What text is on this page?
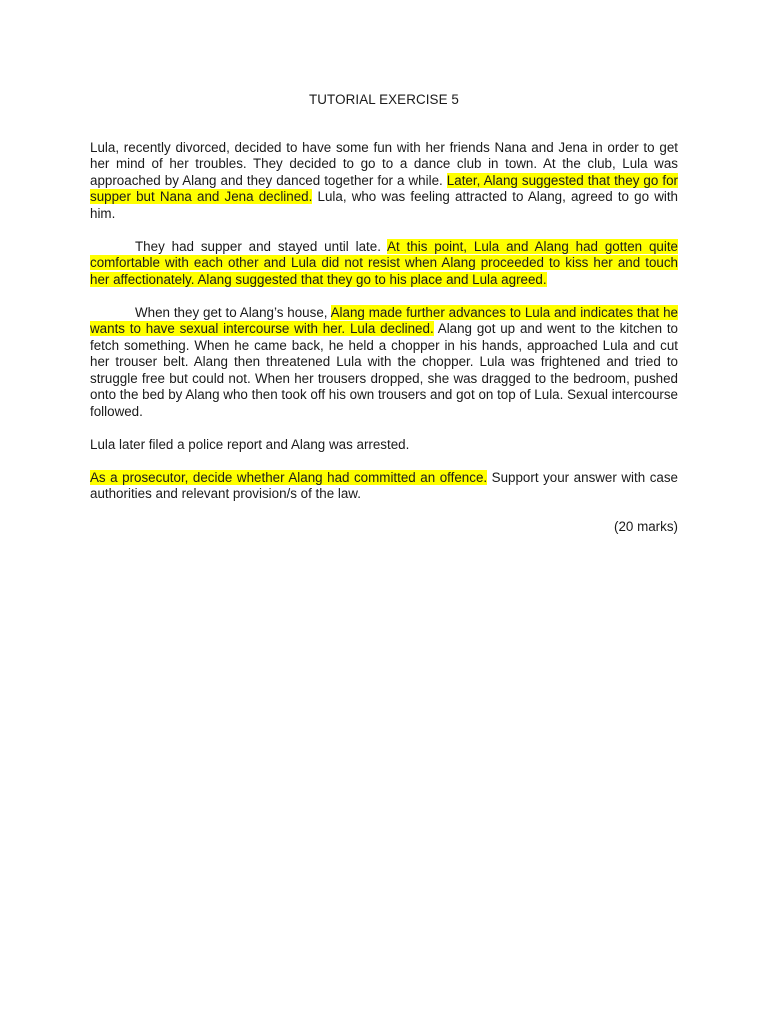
TUTORIAL EXERCISE 5

Lula, recently divorced, decided to have some fun with her friends Nana and Jena in order to get her mind of her troubles. They decided to go to a dance club in town. At the club, Lula was approached by Alang and they danced together for a while. Later, Alang suggested that they go for supper but Nana and Jena declined. Lula, who was feeling attracted to Alang, agreed to go with him.

They had supper and stayed until late. At this point, Lula and Alang had gotten quite comfortable with each other and Lula did not resist when Alang proceeded to kiss her and touch her affectionately. Alang suggested that they go to his place and Lula agreed.

When they get to Alang’s house, Alang made further advances to Lula and indicates that he wants to have sexual intercourse with her. Lula declined. Alang got up and went to the kitchen to fetch something. When he came back, he held a chopper in his hands, approached Lula and cut her trouser belt. Alang then threatened Lula with the chopper. Lula was frightened and tried to struggle free but could not. When her trousers dropped, she was dragged to the bedroom, pushed onto the bed by Alang who then took off his own trousers and got on top of Lula. Sexual intercourse followed.

Lula later filed a police report and Alang was arrested.

As a prosecutor, decide whether Alang had committed an offence. Support your answer with case authorities and relevant provision/s of the law.

(20 marks)
